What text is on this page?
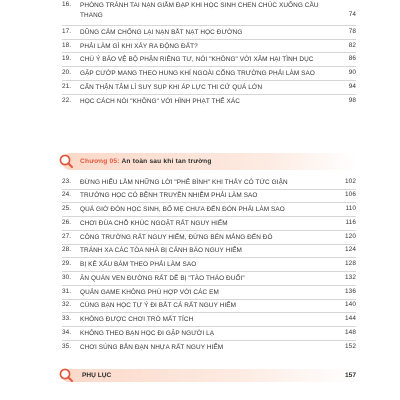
16. PHÒNG TRÁNH TAI NẠN GIẪM ĐẠP KHI HỌC SINH CHEN CHÚC XUỐNG CẦU THANG	74
17. DŨNG CẢM CHỐNG LẠI NẠN BẮT NẠT HỌC ĐƯỜNG	78
18. PHẢI LÀM GÌ KHI XẢY RA ĐỘNG ĐẤT?	82
19. CHÚ Ý BẢO VỆ BỘ PHẬN RIÊNG TƯ, NÓI "KHÔNG" VỚI XÂM HẠI TÌNH DỤC	86
20. GẶP CƯỚP MANG THEO HUNG KHÍ NGOÀI CỔNG TRƯỜNG PHẢI LÀM SAO	90
21. CẨN THẬN TÂM LÍ SUY SỤP KHI ÁP LỰC THI CỬ QUÁ LỚN	94
22. HỌC CÁCH NÓI "KHÔNG" VỚI HÌNH PHẠT THỂ XÁC	98
Chương 05: An toàn sau khi tan trường
23. ĐỪNG HIỂU LẦM NHỮNG LỜI "PHÊ BÌNH" KHI THẤY CÓ TỨC GIẬN	102
24. TRƯỜNG HỌC CÓ BỆNH TRUYỀN NHIỄM PHẢI LÀM SAO	106
25. QUÁ GIỜ ĐÓN HỌC SINH, BỐ MẸ CHƯA ĐẾN ĐÓN PHẢI LÀM SAO	110
26. CHƠI ĐÙA CHỖ KHÚC NGOẶT RẤT NGUY HIỂM	116
27. CÔNG TRƯỜNG RẤT NGUY HIỂM, ĐỪNG BÉN MẢNG ĐẾN ĐÓ	120
28. TRÁNH XA CÁC TÒA NHÀ BỊ CẢNH BÁO NGUY HIỂM	124
29. BỊ KẺ XẤU BÁM THEO PHẢI LÀM SAO	128
30. ĂN QUÁN VEN ĐƯỜNG RẤT DỄ BỊ "TÀO THÁO ĐUỔI"	132
31. QUẢN GAME KHÔNG PHÙ HỢP VỚI CÁC EM	136
32. CÙNG BẠN HỌC TỰ Ý ĐI BẮT CÁ RẤT NGUY HIỂM	140
33. KHÔNG ĐƯỢC CHƠI TRÒ MẤT TÍCH	144
34. KHÔNG THEO BẠN HỌC ĐI GẶP NGƯỜI LẠ	148
35. CHƠI SÚNG BẮN ĐẠN NHỰA RẤT NGUY HIỂM	152
PHỤ LỤC	157
